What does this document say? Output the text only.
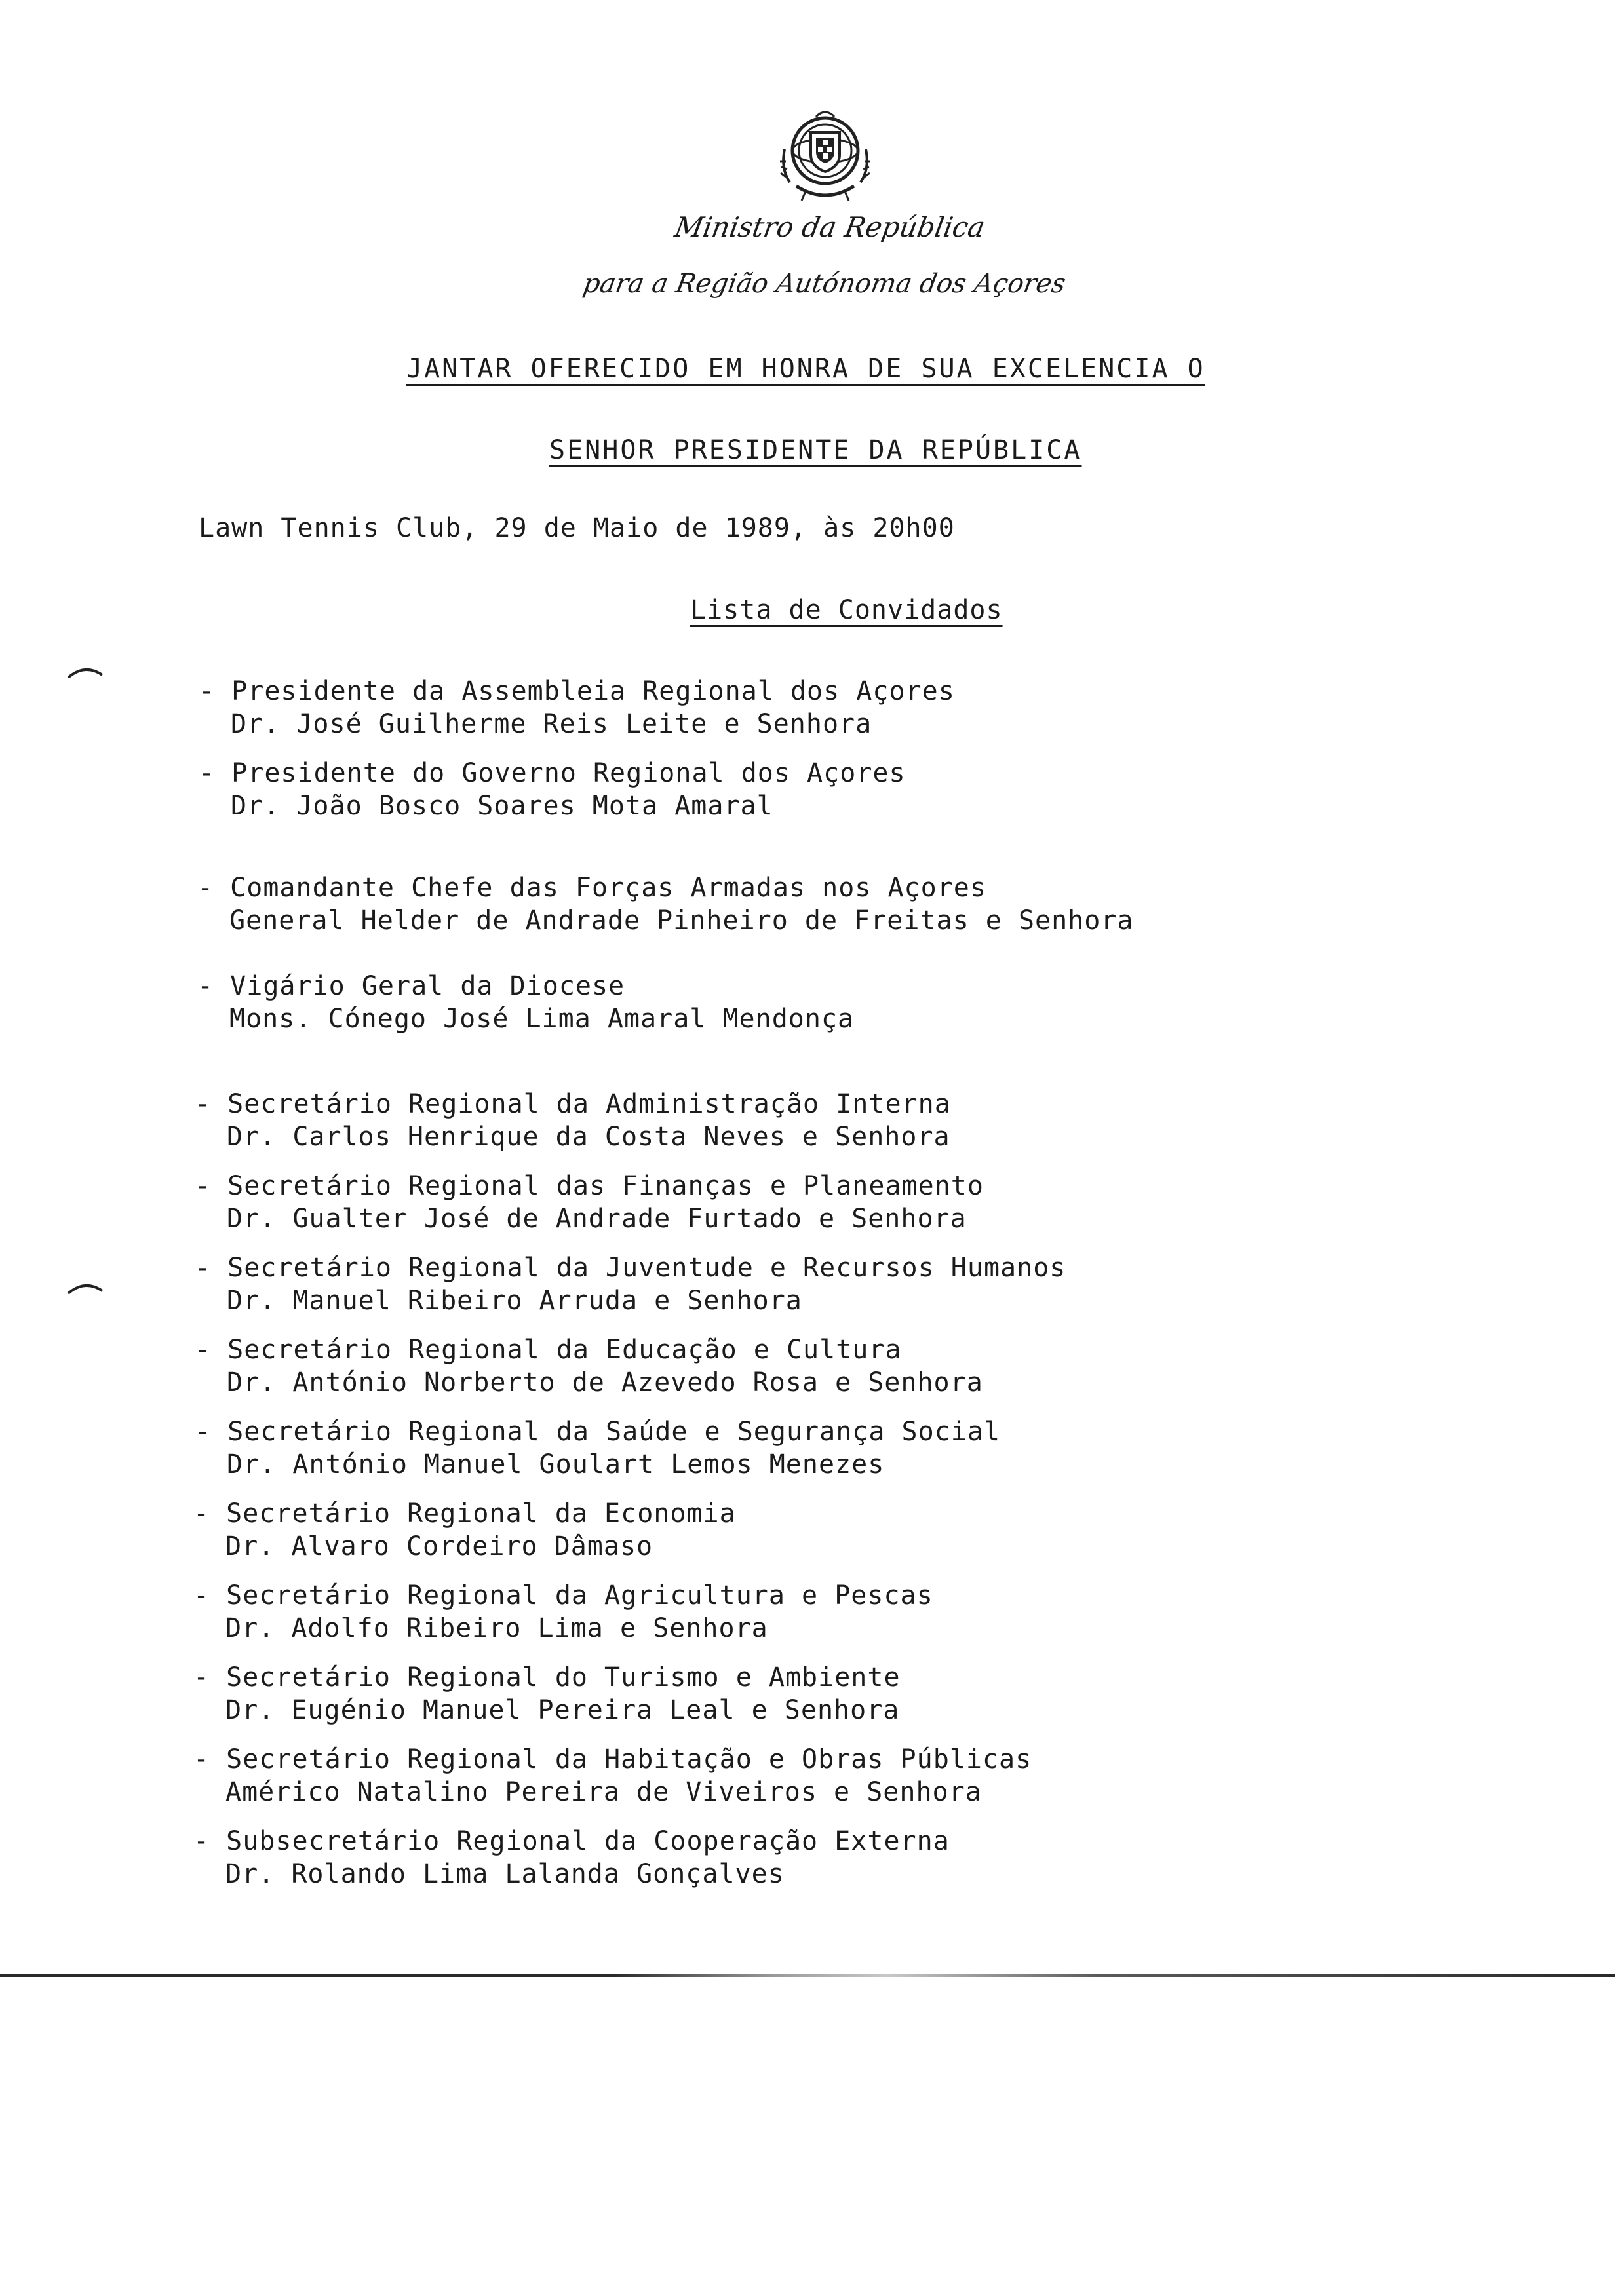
Ministro da República
para a Região Autónoma dos Açores
JANTAR OFERECIDO EM HONRA DE SUA EXCELENCIA O
SENHOR PRESIDENTE DA REPÚBLICA
Lawn Tennis Club, 29 de Maio de 1989, às 20h00
Lista de Convidados
- Presidente da Assembleia Regional dos Açores
Dr. José Guilherme Reis Leite e Senhora
- Presidente do Governo Regional dos Açores
Dr. João Bosco Soares Mota Amaral
- Comandante Chefe das Forças Armadas nos Açores
General Helder de Andrade Pinheiro de Freitas e Senhora
- Vigário Geral da Diocese
Mons. Cónego José Lima Amaral Mendonça
- Secretário Regional da Administração Interna
Dr. Carlos Henrique da Costa Neves e Senhora
- Secretário Regional das Finanças e Planeamento
Dr. Gualter José de Andrade Furtado e Senhora
- Secretário Regional da Juventude e Recursos Humanos
Dr. Manuel Ribeiro Arruda e Senhora
- Secretário Regional da Educação e Cultura
Dr. António Norberto de Azevedo Rosa e Senhora
- Secretário Regional da Saúde e Segurança Social
Dr. António Manuel Goulart Lemos Menezes
- Secretário Regional da Economia
Dr. Alvaro Cordeiro Dâmaso
- Secretário Regional da Agricultura e Pescas
Dr. Adolfo Ribeiro Lima e Senhora
- Secretário Regional do Turismo e Ambiente
Dr. Eugénio Manuel Pereira Leal e Senhora
- Secretário Regional da Habitação e Obras Públicas
Américo Natalino Pereira de Viveiros e Senhora
- Subsecretário Regional da Cooperação Externa
Dr. Rolando Lima Lalanda Gonçalves
